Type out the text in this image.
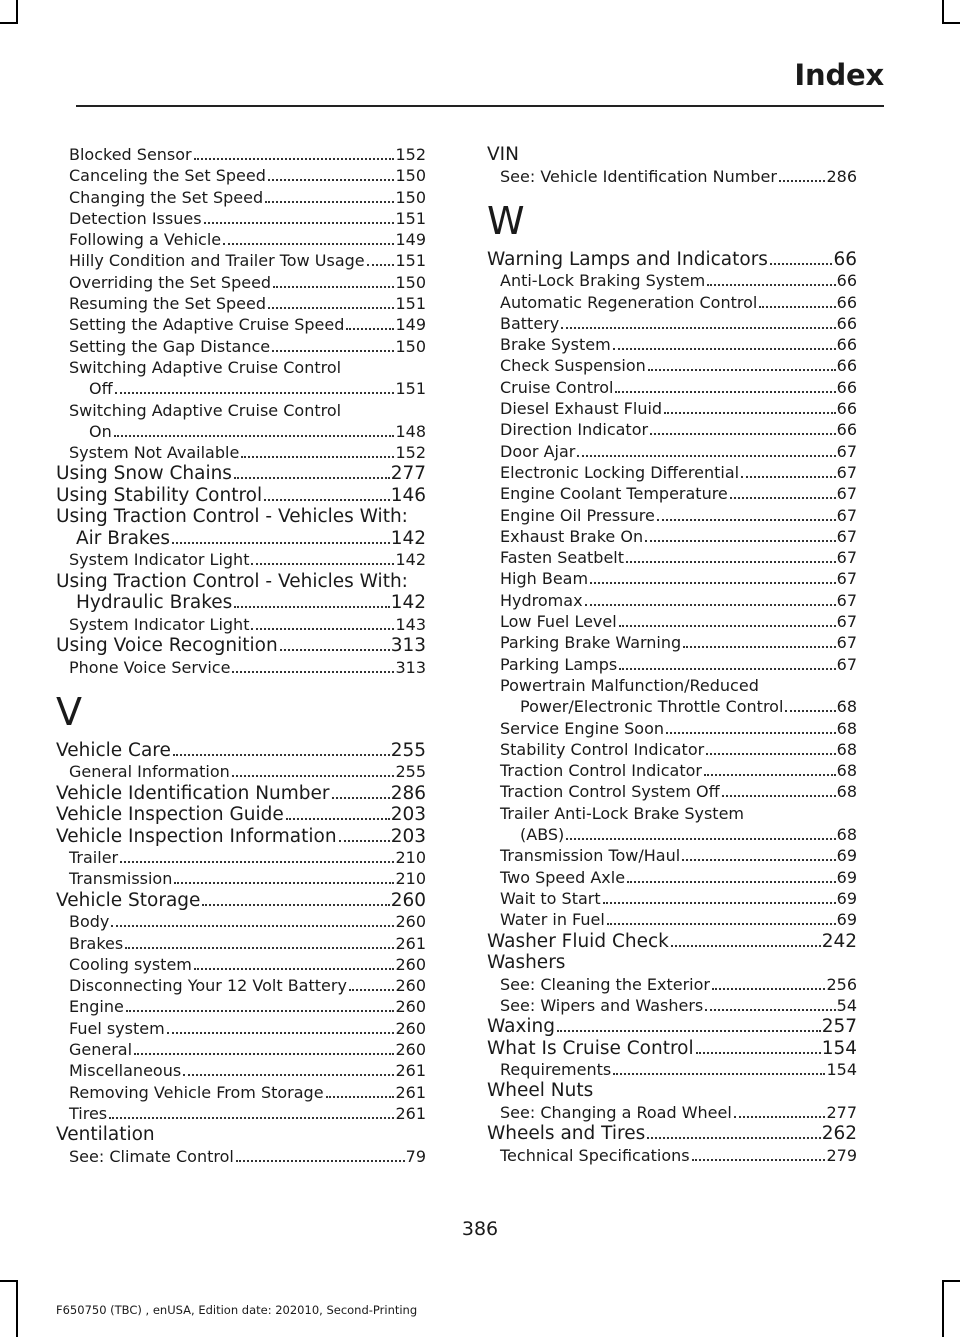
Index
Blocked Sensor	152
Canceling the Set Speed	150
Changing the Set Speed	150
Detection Issues	151
Following a Vehicle	149
Hilly Condition and Trailer Tow Usage 151
Overriding the Set Speed	150
Resuming the Set Speed	151
Setting the Adaptive Cruise Speed	149
Setting the Gap Distance	150
Switching Adaptive Cruise Control
Off	151
Switching Adaptive Cruise Control
On	148
System Not Available	152
Using Snow Chains	277
Using Stability Control	146
Using Traction Control - Vehicles With:
Air Brakes	142
System Indicator Light	142
Using Traction Control - Vehicles With:
Hydraulic Brakes	142
System Indicator Light	143
Using Voice Recognition	313
Phone Voice Service	313
V
Vehicle Care	255
General Information	255
Vehicle Identification Number	286
Vehicle Inspection Guide	203
Vehicle Inspection Information	203
Trailer	210
Transmission	210
Vehicle Storage	260
Body	260
Brakes	261
Cooling system	260
Disconnecting Your 12 Volt Battery	260
Engine	260
Fuel system	260
General	260
Miscellaneous	261
Removing Vehicle From Storage	261
Tires	261
Ventilation
See: Climate Control	79
VIN
See: Vehicle Identification Number	286
W
Warning Lamps and Indicators	66
Anti-Lock Braking System	66
Automatic Regeneration Control	66
Battery	66
Brake System	66
Check Suspension	66
Cruise Control	66
Diesel Exhaust Fluid	66
Direction Indicator	66
Door Ajar	67
Electronic Locking Differential	67
Engine Coolant Temperature	67
Engine Oil Pressure	67
Exhaust Brake On	67
Fasten Seatbelt	67
High Beam	67
Hydromax	67
Low Fuel Level	67
Parking Brake Warning	67
Parking Lamps	67
Powertrain Malfunction/Reduced
Power/Electronic Throttle Control	68
Service Engine Soon	68
Stability Control Indicator	68
Traction Control Indicator	68
Traction Control System Off	68
Trailer Anti-Lock Brake System
(ABS)	68
Transmission Tow/Haul	69
Two Speed Axle	69
Wait to Start	69
Water in Fuel	69
Washer Fluid Check	242
Washers
See: Cleaning the Exterior	256
See: Wipers and Washers	54
Waxing	257
What Is Cruise Control	154
Requirements	154
Wheel Nuts
See: Changing a Road Wheel	277
Wheels and Tires	262
Technical Specifications	279
386
F650750 (TBC) , enUSA, Edition date: 202010, Second-Printing
